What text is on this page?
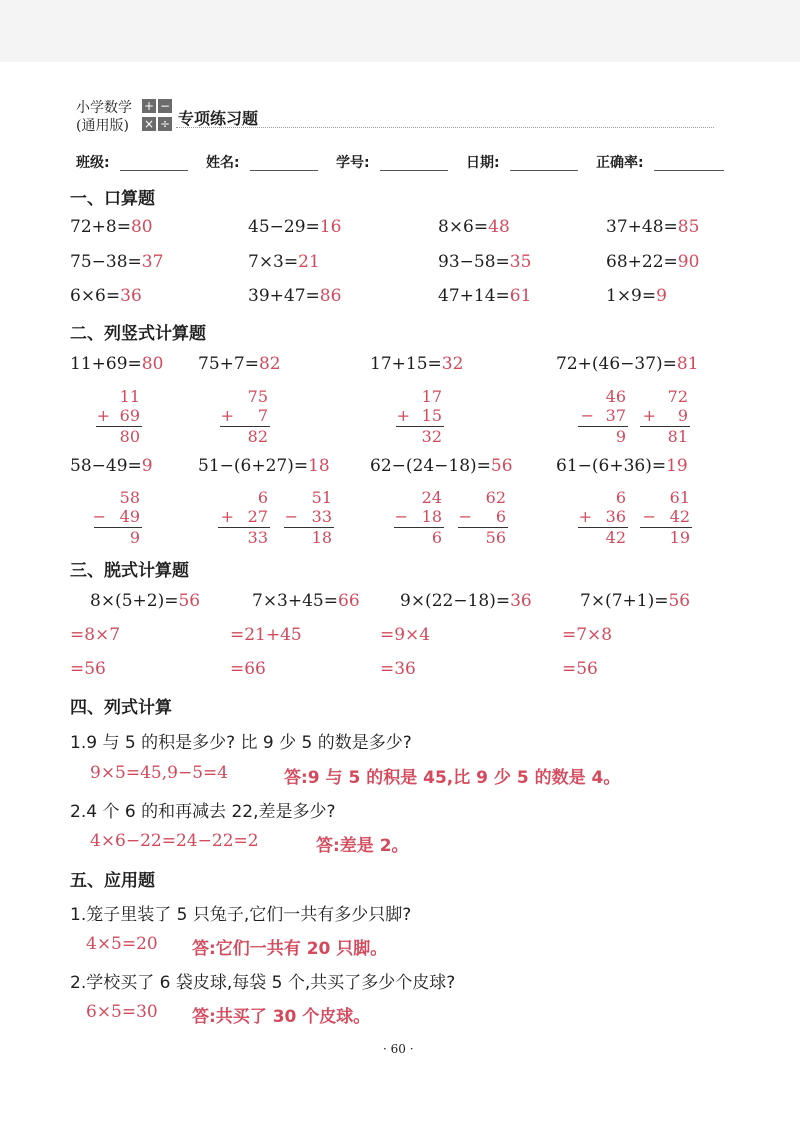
小学数学
(通用版)
+ −
× ÷ 专项练习题
班级:	姓名:	学号:	日期:	正确率:
一、口算题
72+8=80	45−29=16	8×6=48	37+48=85
75−38=37	7×3=21	93−58=35	68+22=90
6×6=36	39+47=86	47+14=61	1×9=9
二、列竖式计算题
11+69=80 75+7=82	17+15=32	72+(46−37)=81
11
+ 69
80
75
+	7
82
17
+ 15
32
46
− 37
9
72
+	9
81
58−49=9	51−(6+27)=18 62−(24−18)=56	61−(6+36)=19
58
− 49
9
6
+ 27
33
51
− 33
18
24
− 18
6
62
−	6
56
6
+ 36
42
61
− 42
19
三、脱式计算题
8×(5+2)=56	7×3+45=66 9×(22−18)=36	7×(7+1)=56
=8×7	=21+45	=9×4	=7×8
=56	=66	=36	=56
四、列式计算
1.9 与 5 的积是多少? 比 9 少 5 的数是多少?
9×5=45,9−5=4	答:9 与 5 的积是 45,比 9 少 5 的数是 4。
2.4 个 6 的和再减去 22,差是多少?
4×6−22=24−22=2	答:差是 2。
五、应用题
1.笼子里装了 5 只兔子,它们一共有多少只脚?
4×5=20 答:它们一共有 20 只脚。
2.学校买了 6 袋皮球,每袋 5 个,共买了多少个皮球?
6×5=30 答:共买了 30 个皮球。
· 60 ·
